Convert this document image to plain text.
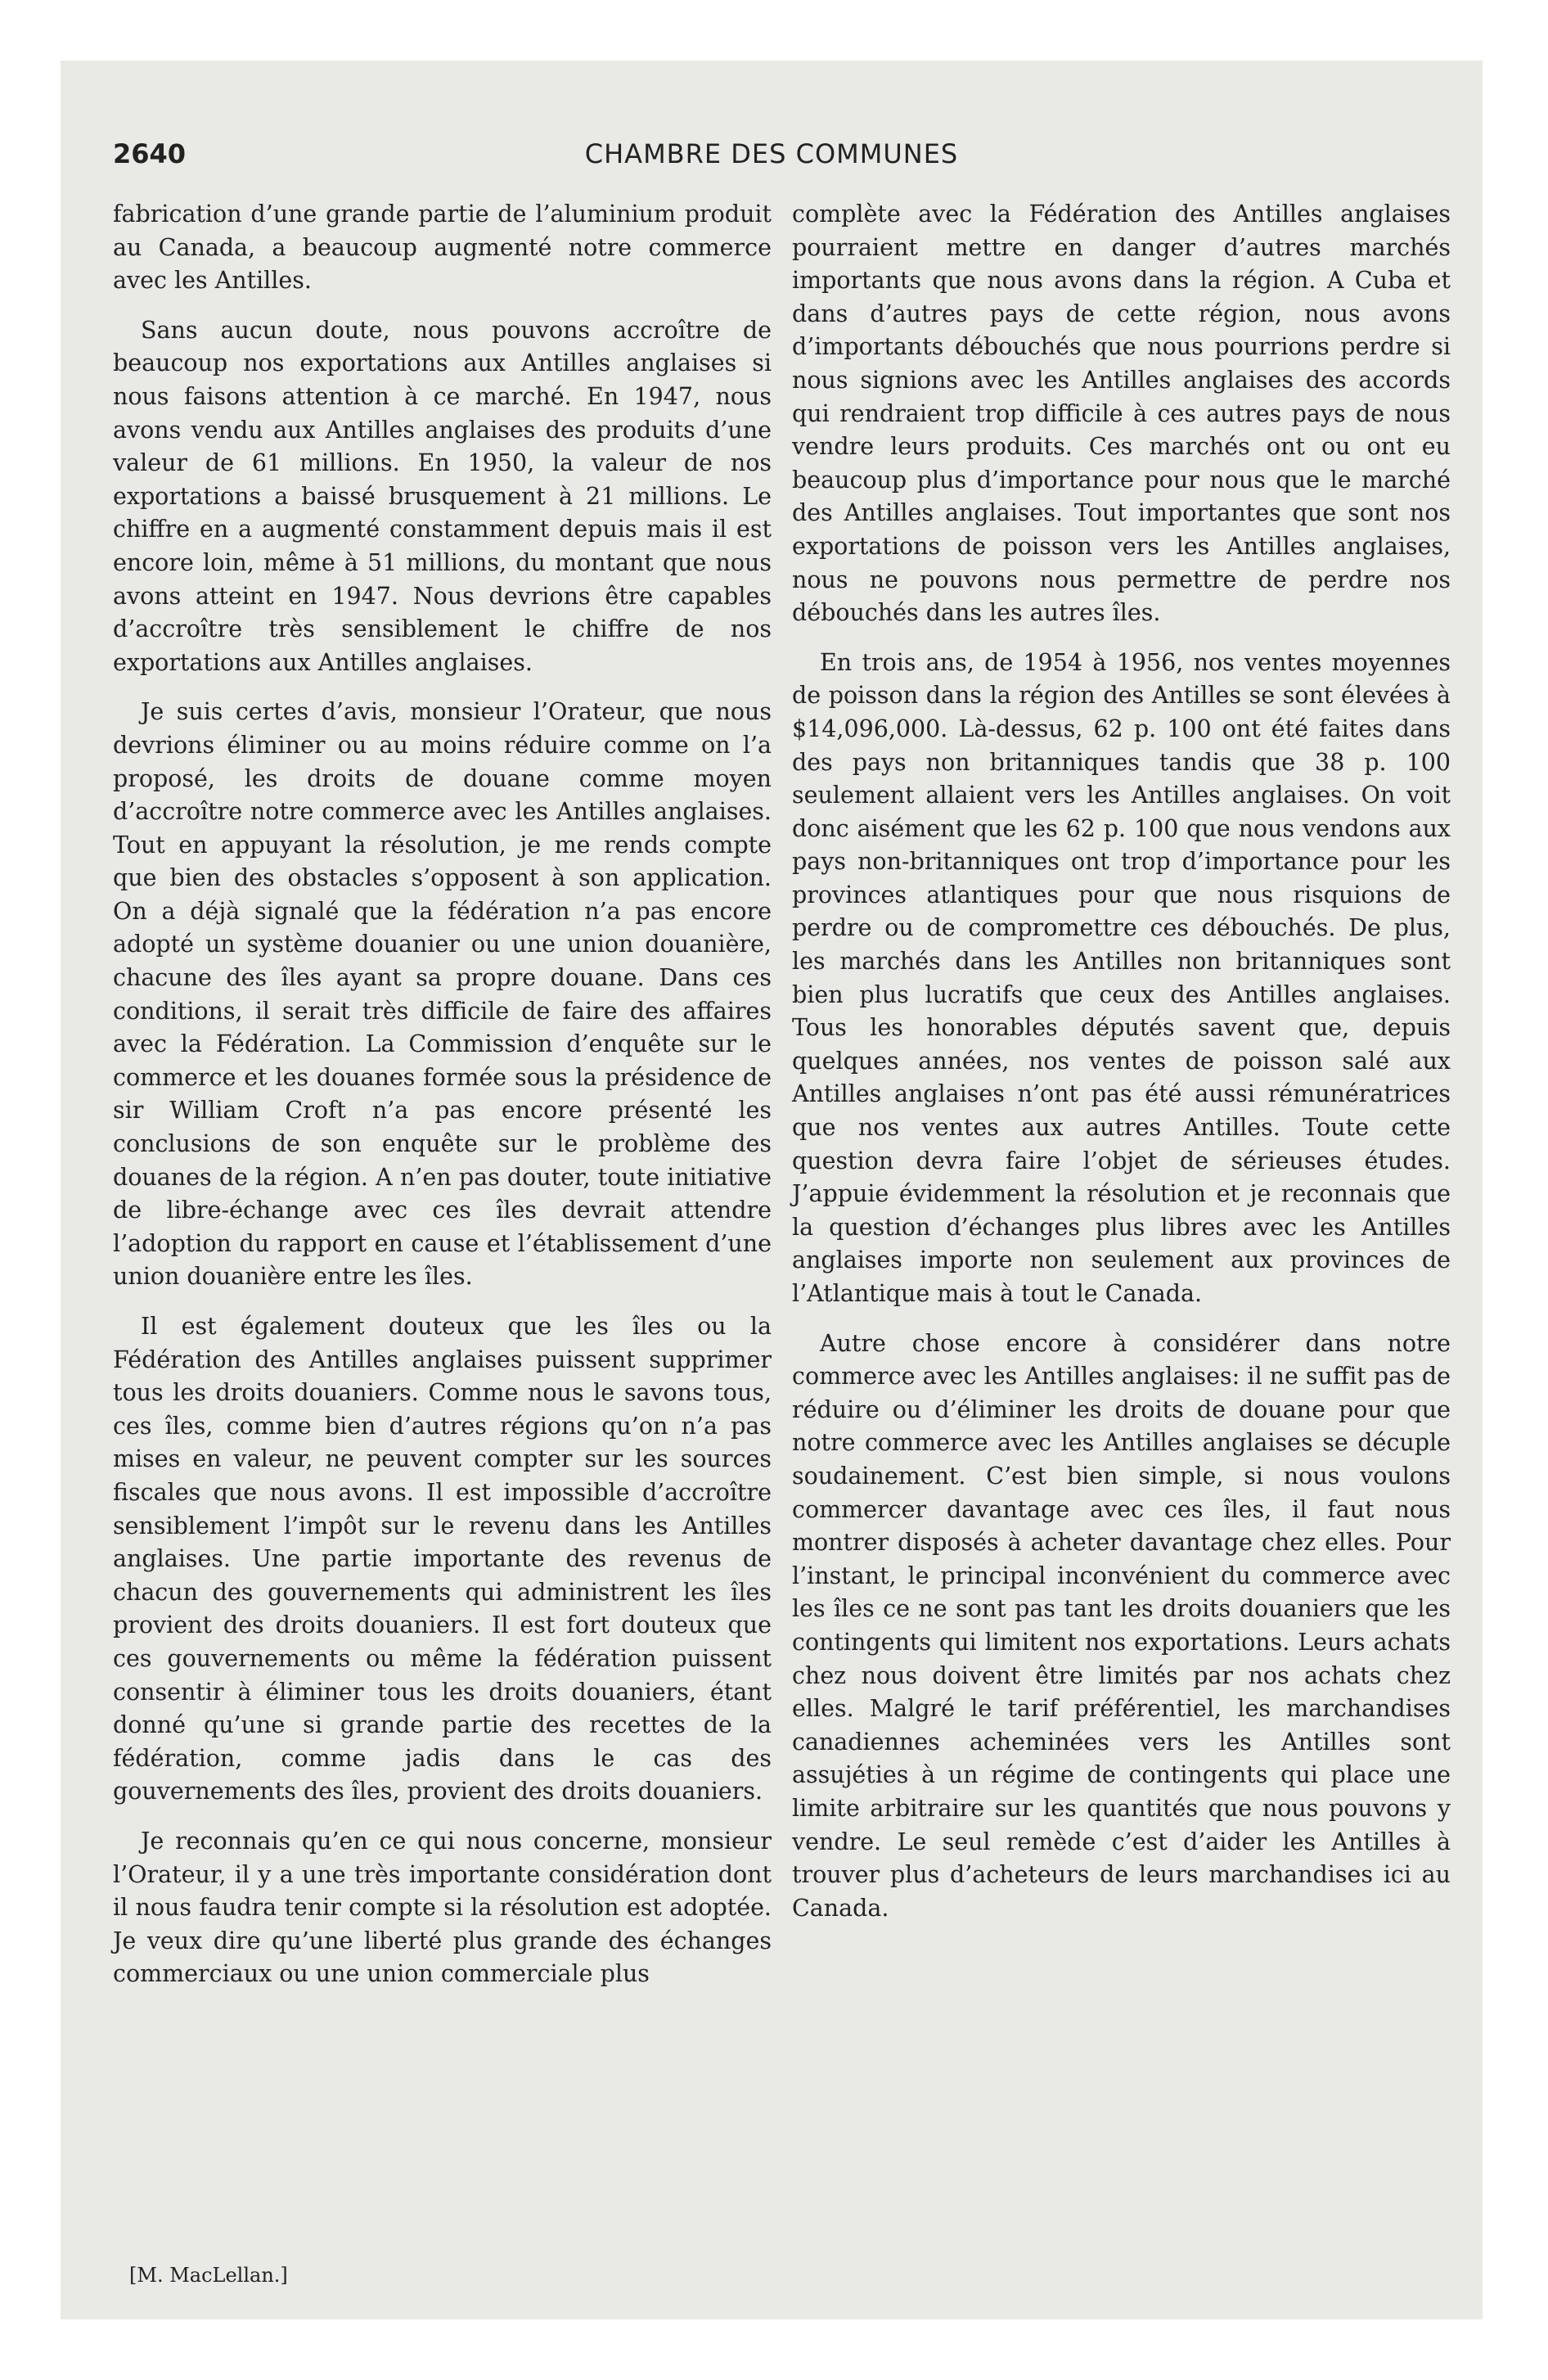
2640	CHAMBRE DES COMMUNES

fabrication d’une grande partie de l’aluminium produit au Canada, a beaucoup augmenté notre commerce avec les Antilles.

Sans aucun doute, nous pouvons accroître de beaucoup nos exportations aux Antilles anglaises si nous faisons attention à ce marché. En 1947, nous avons vendu aux Antilles anglaises des produits d’une valeur de 61 millions. En 1950, la valeur de nos exportations a baissé brusquement à 21 millions. Le chiffre en a augmenté constamment depuis mais il est encore loin, même à 51 millions, du montant que nous avons atteint en 1947. Nous devrions être capables d’accroître très sensiblement le chiffre de nos exportations aux Antilles anglaises.

Je suis certes d’avis, monsieur l’Orateur, que nous devrions éliminer ou au moins réduire comme on l’a proposé, les droits de douane comme moyen d’accroître notre commerce avec les Antilles anglaises. Tout en appuyant la résolution, je me rends compte que bien des obstacles s’opposent à son application. On a déjà signalé que la fédération n’a pas encore adopté un système douanier ou une union douanière, chacune des îles ayant sa propre douane. Dans ces conditions, il serait très difficile de faire des affaires avec la Fédération. La Commission d’enquête sur le commerce et les douanes formée sous la présidence de sir William Croft n’a pas encore présenté les conclusions de son enquête sur le problème des douanes de la région. A n’en pas douter, toute initiative de libre-échange avec ces îles devrait attendre l’adoption du rapport en cause et l’établissement d’une union douanière entre les îles.

Il est également douteux que les îles ou la Fédération des Antilles anglaises puissent supprimer tous les droits douaniers. Comme nous le savons tous, ces îles, comme bien d’autres régions qu’on n’a pas mises en valeur, ne peuvent compter sur les sources fiscales que nous avons. Il est impossible d’accroître sensiblement l’impôt sur le revenu dans les Antilles anglaises. Une partie importante des revenus de chacun des gouvernements qui administrent les îles provient des droits douaniers. Il est fort douteux que ces gouvernements ou même la fédération puissent consentir à éliminer tous les droits douaniers, étant donné qu’une si grande partie des recettes de la fédération, comme jadis dans le cas des gouvernements des îles, provient des droits douaniers.

Je reconnais qu’en ce qui nous concerne, monsieur l’Orateur, il y a une très importante considération dont il nous faudra tenir compte si la résolution est adoptée. Je veux dire qu’une liberté plus grande des échanges commerciaux ou une union commerciale plus

complète avec la Fédération des Antilles anglaises pourraient mettre en danger d’autres marchés importants que nous avons dans la région. A Cuba et dans d’autres pays de cette région, nous avons d’importants débouchés que nous pourrions perdre si nous signions avec les Antilles anglaises des accords qui rendraient trop difficile à ces autres pays de nous vendre leurs produits. Ces marchés ont ou ont eu beaucoup plus d’importance pour nous que le marché des Antilles anglaises. Tout importantes que sont nos exportations de poisson vers les Antilles anglaises, nous ne pouvons nous permettre de perdre nos débouchés dans les autres îles.

En trois ans, de 1954 à 1956, nos ventes moyennes de poisson dans la région des Antilles se sont élevées à $14,096,000. Là-dessus, 62 p. 100 ont été faites dans des pays non britanniques tandis que 38 p. 100 seulement allaient vers les Antilles anglaises. On voit donc aisément que les 62 p. 100 que nous vendons aux pays non-britanniques ont trop d’importance pour les provinces atlantiques pour que nous risquions de perdre ou de compromettre ces débouchés. De plus, les marchés dans les Antilles non britanniques sont bien plus lucratifs que ceux des Antilles anglaises. Tous les honorables députés savent que, depuis quelques années, nos ventes de poisson salé aux Antilles anglaises n’ont pas été aussi rémunératrices que nos ventes aux autres Antilles. Toute cette question devra faire l’objet de sérieuses études. J’appuie évidemment la résolution et je reconnais que la question d’échanges plus libres avec les Antilles anglaises importe non seulement aux provinces de l’Atlantique mais à tout le Canada.

Autre chose encore à considérer dans notre commerce avec les Antilles anglaises: il ne suffit pas de réduire ou d’éliminer les droits de douane pour que notre commerce avec les Antilles anglaises se décuple soudainement. C’est bien simple, si nous voulons commercer davantage avec ces îles, il faut nous montrer disposés à acheter davantage chez elles. Pour l’instant, le principal inconvénient du commerce avec les îles ce ne sont pas tant les droits douaniers que les contingents qui limitent nos exportations. Leurs achats chez nous doivent être limités par nos achats chez elles. Malgré le tarif préférentiel, les marchandises canadiennes acheminées vers les Antilles sont assujéties à un régime de contingents qui place une limite arbitraire sur les quantités que nous pouvons y vendre. Le seul remède c’est d’aider les Antilles à trouver plus d’acheteurs de leurs marchandises ici au Canada.

[M. MacLellan.]
